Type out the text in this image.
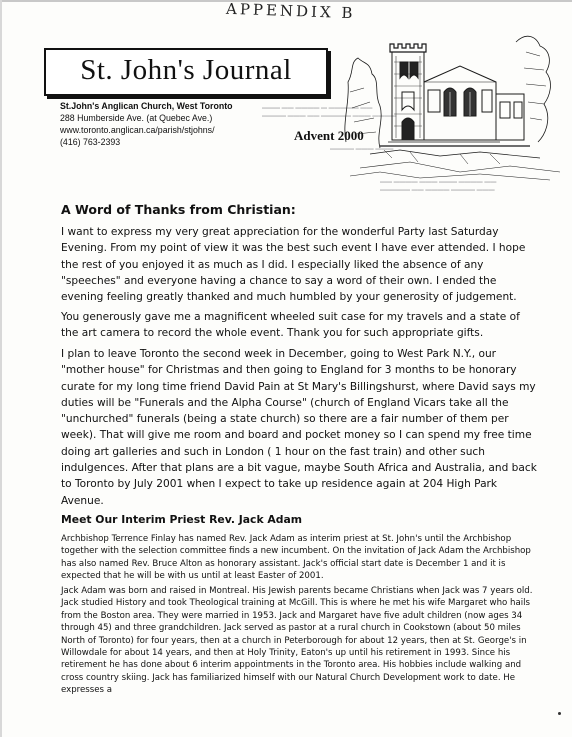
APPENDIX B
St. John's Journal
St.John's Anglican Church, West Toronto
288 Humberside Ave. (at Quebec Ave.)
www.toronto.anglican.ca/parish/stjohns/
(416) 763-2393	Advent 2000
▬▬▬ ▬▬ ▬▬▬▬ ▬ ▬▬▬▬▬ ▬▬
▬▬▬▬ ▬▬▬ ▬▬ ▬▬▬▬▬ ▬▬▬ ▬▬▬▬
▬▬▬▬ ▬▬▬ ▬▬▬
▬▬ ▬▬▬▬ ▬▬▬ ▬▬▬ ▬▬▬▬ ▬▬
▬▬▬▬▬ ▬▬ ▬▬▬▬ ▬▬▬▬ ▬▬▬
A Word of Thanks from Christian:

I want to express my very great appreciation for the wonderful Party last Saturday Evening. From my point of view it was the best such event I have ever attended. I hope the rest of you enjoyed it as much as I did. I especially liked the absence of any "speeches" and everyone having a chance to say a word of their own. I ended the evening feeling greatly thanked and much humbled by your generosity of judgement.

You generously gave me a magnificent wheeled suit case for my travels and a state of the art camera to record the whole event. Thank you for such appropriate gifts.

I plan to leave Toronto the second week in December, going to West Park N.Y., our "mother house" for Christmas and then going to England for 3 months to be honorary curate for my long time friend David Pain at St Mary's Billingshurst, where David says my duties will be "Funerals and the Alpha Course" (church of England Vicars take all the "unchurched" funerals (being a state church) so there are a fair number of them per week). That will give me room and board and pocket money so I can spend my free time doing art galleries and such in London ( 1 hour on the fast train) and other such indulgences. After that plans are a bit vague, maybe South Africa and Australia, and back to Toronto by July 2001 when I expect to take up residence again at 204 High Park Avenue.

Meet Our Interim Priest Rev. Jack Adam

Archbishop Terrence Finlay has named Rev. Jack Adam as interim priest at St. John's until the Archbishop together with the selection committee finds a new incumbent. On the invitation of Jack Adam the Archbishop has also named Rev. Bruce Alton as honorary assistant. Jack's official start date is December 1 and it is expected that he will be with us until at least Easter of 2001.

Jack Adam was born and raised in Montreal. His Jewish parents became Christians when Jack was 7 years old. Jack studied History and took Theological training at McGill. This is where he met his wife Margaret who hails from the Boston area. They were married in 1953. Jack and Margaret have five adult children (now ages 34 through 45) and three grandchildren. Jack served as pastor at a rural church in Cookstown (about 50 miles North of Toronto) for four years, then at a church in Peterborough for about 12 years, then at St. George's in Willowdale for about 14 years, and then at Holy Trinity, Eaton's up until his retirement in 1993. Since his retirement he has done about 6 interim appointments in the Toronto area. His hobbies include walking and cross country skiing. Jack has familiarized himself with our Natural Church Development work to date. He expresses a
